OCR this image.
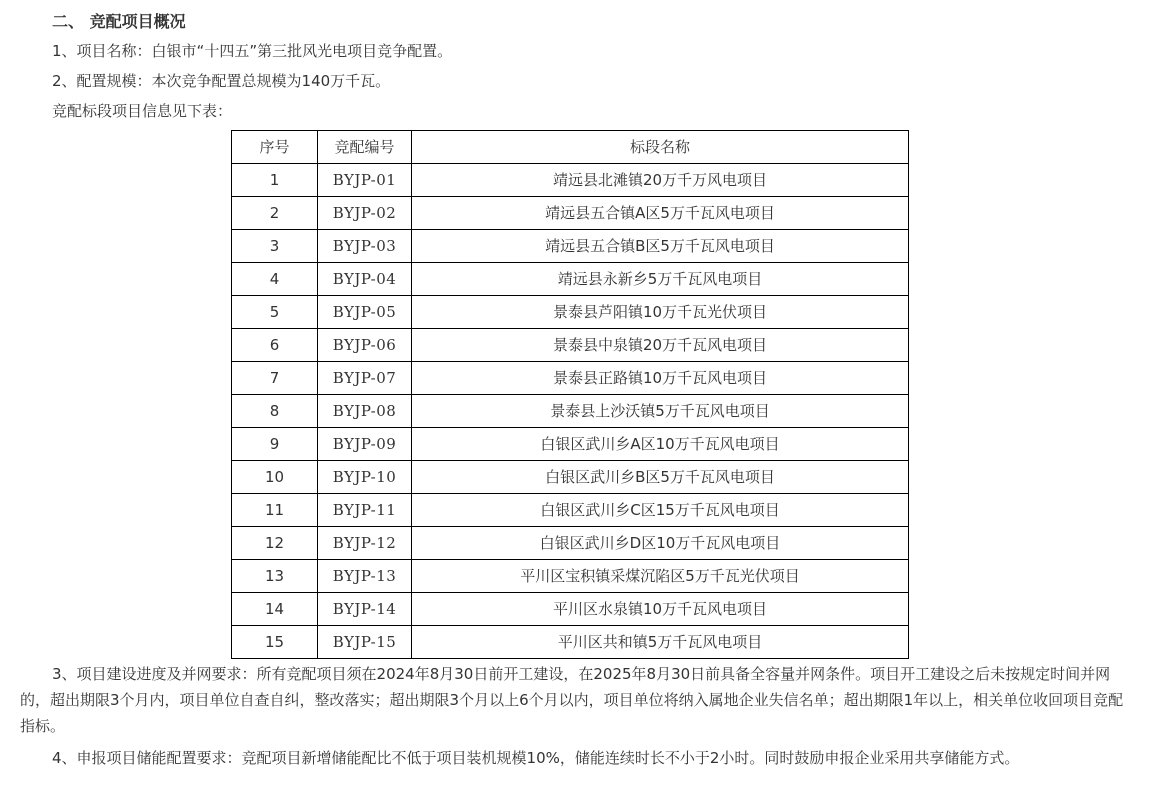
二、 竞配项目概况
1、项目名称：白银市“十四五”第三批风光电项目竞争配置。
2、配置规模：本次竞争配置总规模为140万千瓦。
竞配标段项目信息见下表：
序号	竞配编号	标段名称
1	BYJP-01	靖远县北滩镇20万千万风电项目
2	BYJP-02	靖远县五合镇A区5万千瓦风电项目
3	BYJP-03	靖远县五合镇B区5万千瓦风电项目
4	BYJP-04	靖远县永新乡5万千瓦风电项目
5	BYJP-05	景泰县芦阳镇10万千瓦光伏项目
6	BYJP-06	景泰县中泉镇20万千瓦风电项目
7	BYJP-07	景泰县正路镇10万千瓦风电项目
8	BYJP-08	景泰县上沙沃镇5万千瓦风电项目
9	BYJP-09	白银区武川乡A区10万千瓦风电项目
10	BYJP-10	白银区武川乡B区5万千瓦风电项目
11	BYJP-11	白银区武川乡C区15万千瓦风电项目
12	BYJP-12	白银区武川乡D区10万千瓦风电项目
13	BYJP-13	平川区宝积镇采煤沉陷区5万千瓦光伏项目
14	BYJP-14	平川区水泉镇10万千瓦风电项目
15	BYJP-15	平川区共和镇5万千瓦风电项目

3、项目建设进度及并网要求：所有竞配项目须在2024年8月30日前开工建设，在2025年8月30日前具备全容量并网条件。项目开工建设之后未按规定时间并网的，超出期限3个月内，项目单位自查自纠，整改落实；超出期限3个月以上6个月以内，项目单位将纳入属地企业失信名单；超出期限1年以上，相关单位收回项目竞配指标。

4、申报项目储能配置要求：竞配项目新增储能配比不低于项目装机规模10%，储能连续时长不小于2小时。同时鼓励申报企业采用共享储能方式。
